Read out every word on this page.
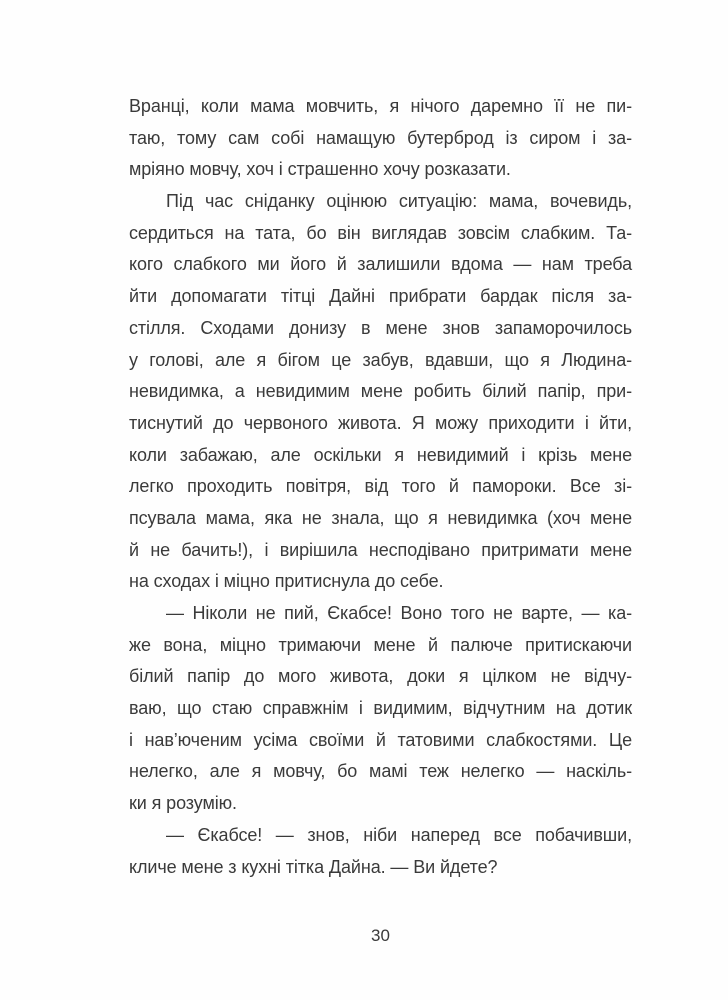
Вранці, коли мама мовчить, я нічого даремно її не пи-
таю, тому сам собі намащую бутерброд із сиром і за-
мріяно мовчу, хоч і страшенно хочу розказати.
Під час сніданку оцінюю ситуацію: мама, вочевидь,
сердиться на тата, бо він виглядав зовсім слабким. Та-
кого слабкого ми його й залишили вдома — нам треба
йти допомагати тітці Дайні прибрати бардак після за-
стілля. Сходами донизу в мене знов запаморочилось
у голові, але я бігом це забув, вдавши, що я Людина-
невидимка, а невидимим мене робить білий папір, при-
тиснутий до червоного живота. Я можу приходити і йти,
коли забажаю, але оскільки я невидимий і крізь мене
легко проходить повітря, від того й памороки. Все зі-
псувала мама, яка не знала, що я невидимка (хоч мене
й не бачить!), і вирішила несподівано притримати мене
на сходах і міцно притиснула до себе.
— Ніколи не пий, Єкабсе! Воно того не варте, — ка-
же вона, міцно тримаючи мене й палюче притискаючи
білий папір до мого живота, доки я цілком не відчу-
ваю, що стаю справжнім і видимим, відчутним на дотик
і нав’юченим усіма своїми й татовими слабкостями. Це
нелегко, але я мовчу, бо мамі теж нелегко — наскіль-
ки я розумію.
— Єкабсе! — знов, ніби наперед все побачивши,
кличе мене з кухні тітка Дайна. — Ви йдете?
30
